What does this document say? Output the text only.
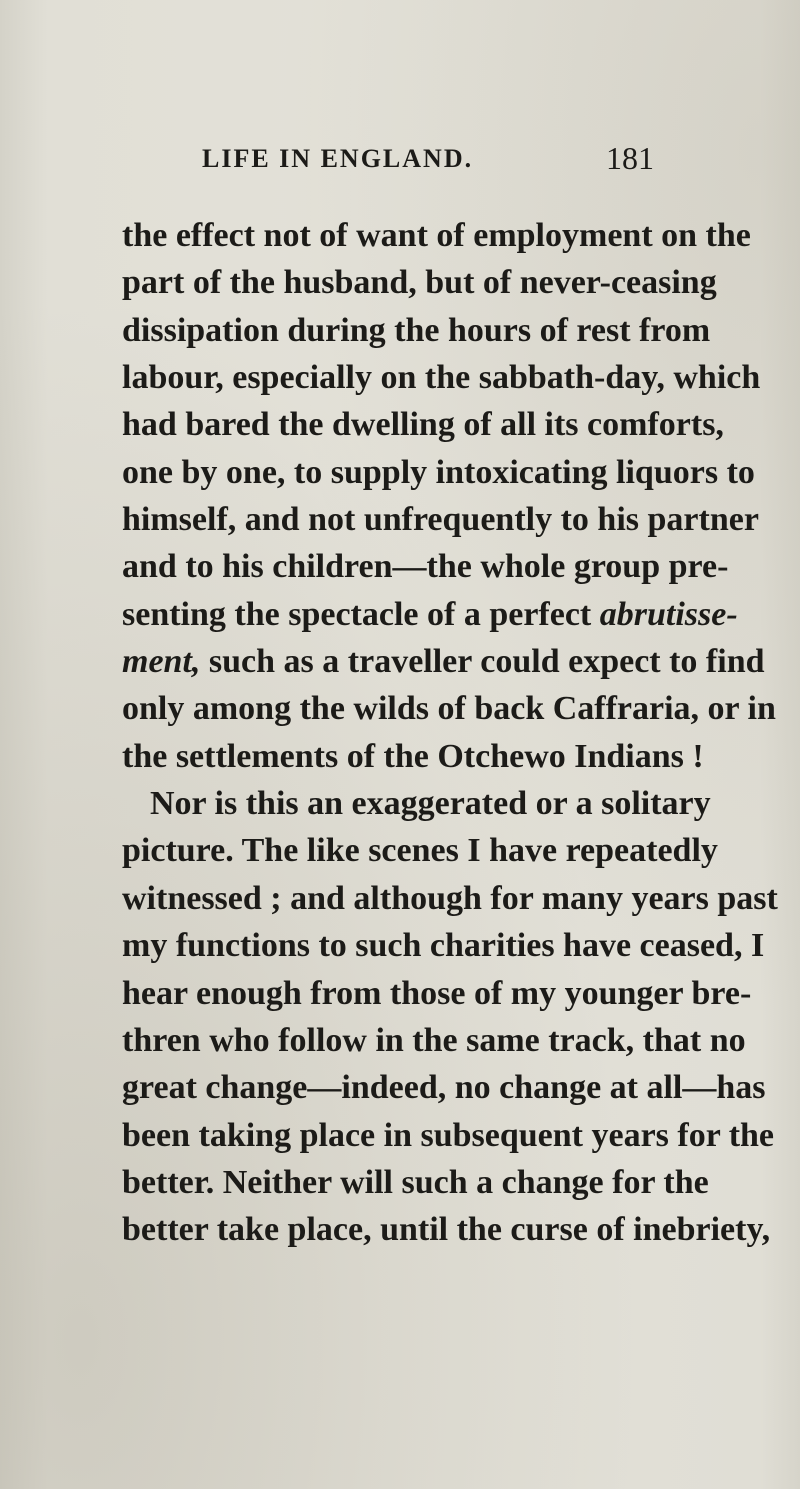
LIFE IN ENGLAND.	181
the effect not of want of employment on the
part of the husband, but of never-ceasing
dissipation during the hours of rest from
labour, especially on the sabbath-day, which
had bared the dwelling of all its comforts,
one by one, to supply intoxicating liquors to
himself, and not unfrequently to his partner
and to his children—the whole group pre-
senting the spectacle of a perfect abrutisse-
ment, such as a traveller could expect to find
only among the wilds of back Caffraria, or in
the settlements of the Otchewo Indians !
Nor is this an exaggerated or a solitary
picture. The like scenes I have repeatedly
witnessed ; and although for many years past
my functions to such charities have ceased, I
hear enough from those of my younger bre-
thren who follow in the same track, that no
great change—indeed, no change at all—has
been taking place in subsequent years for the
better. Neither will such a change for the
better take place, until the curse of inebriety,
